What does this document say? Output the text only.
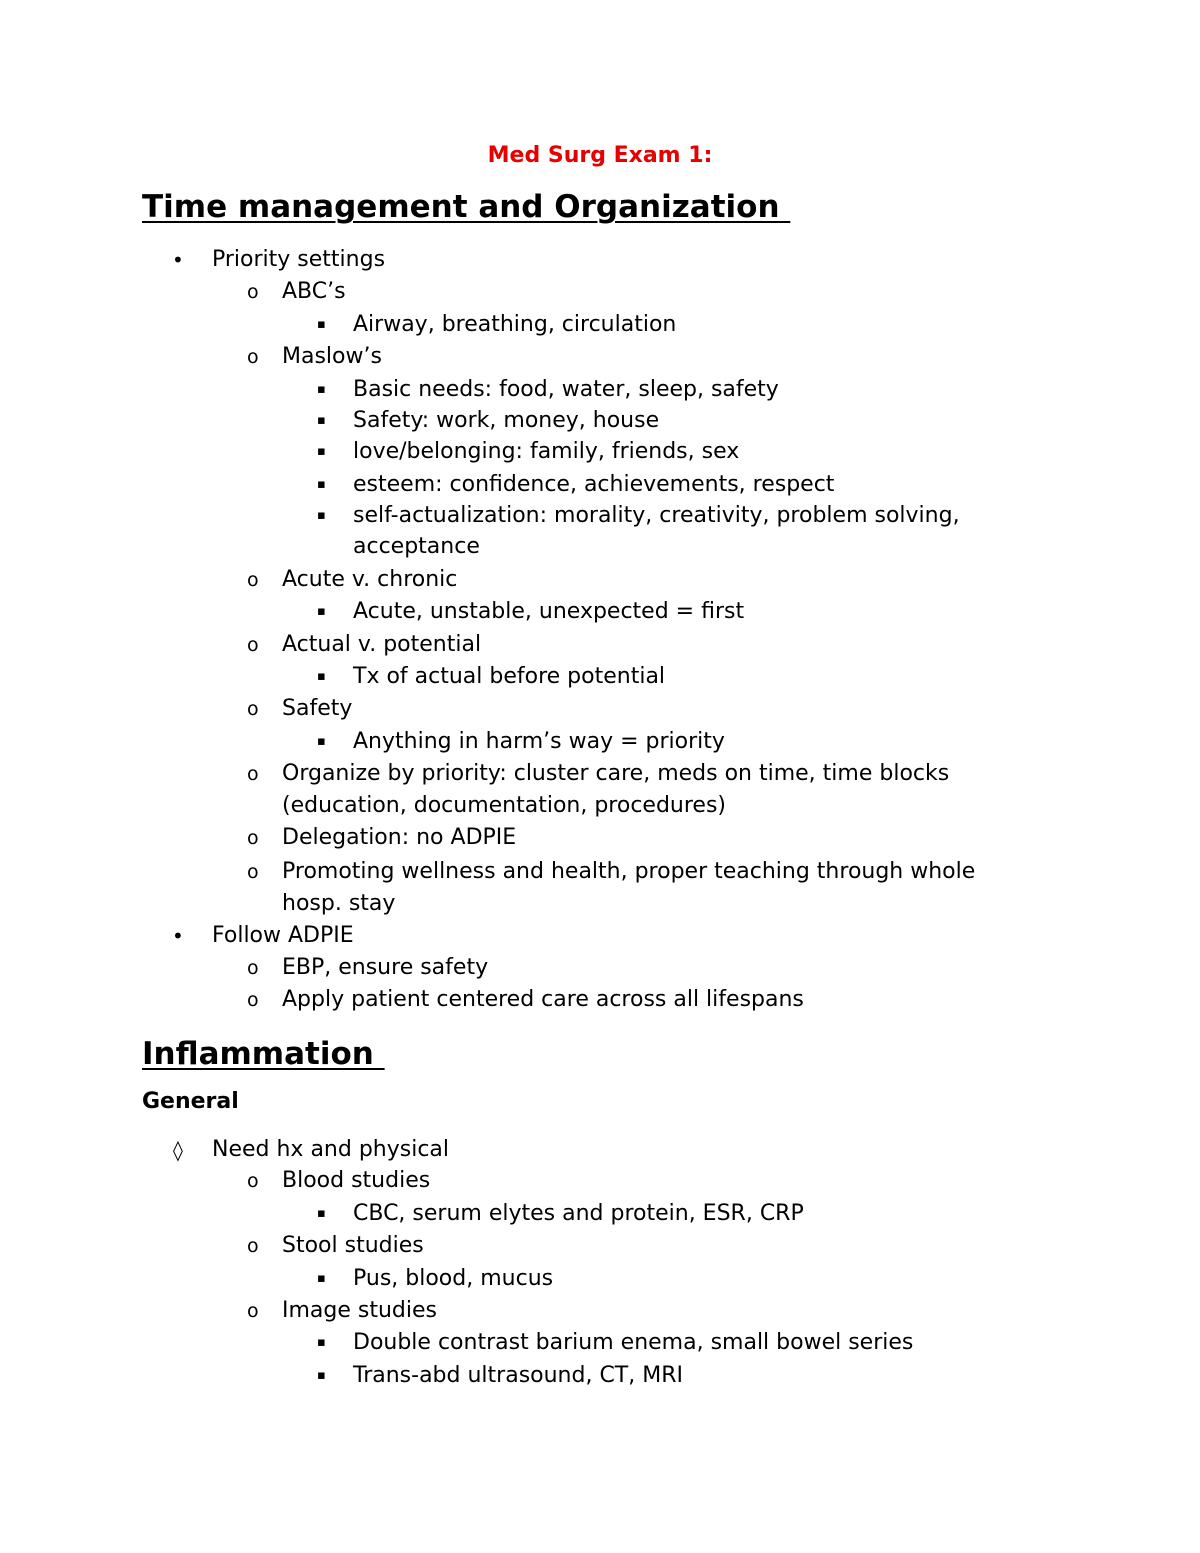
Med Surg Exam 1:
Time management and Organization
• Priority settings
o ABC’s
▪ Airway, breathing, circulation
o Maslow’s
▪ Basic needs: food, water, sleep, safety
▪ Safety: work, money, house
▪ love/belonging: family, friends, sex
▪ esteem: confidence, achievements, respect
▪ self-actualization: morality, creativity, problem solving,
acceptance
o Acute v. chronic
▪ Acute, unstable, unexpected = first
o Actual v. potential
▪ Tx of actual before potential
o Safety
▪ Anything in harm’s way = priority
o Organize by priority: cluster care, meds on time, time blocks
(education, documentation, procedures)
o Delegation: no ADPIE
o Promoting wellness and health, proper teaching through whole
hosp. stay
• Follow ADPIE
o EBP, ensure safety
o Apply patient centered care across all lifespans
Inflammation
General
◊ Need hx and physical
o Blood studies
▪ CBC, serum elytes and protein, ESR, CRP
o Stool studies
▪ Pus, blood, mucus
o Image studies
▪ Double contrast barium enema, small bowel series
▪ Trans-abd ultrasound, CT, MRI
